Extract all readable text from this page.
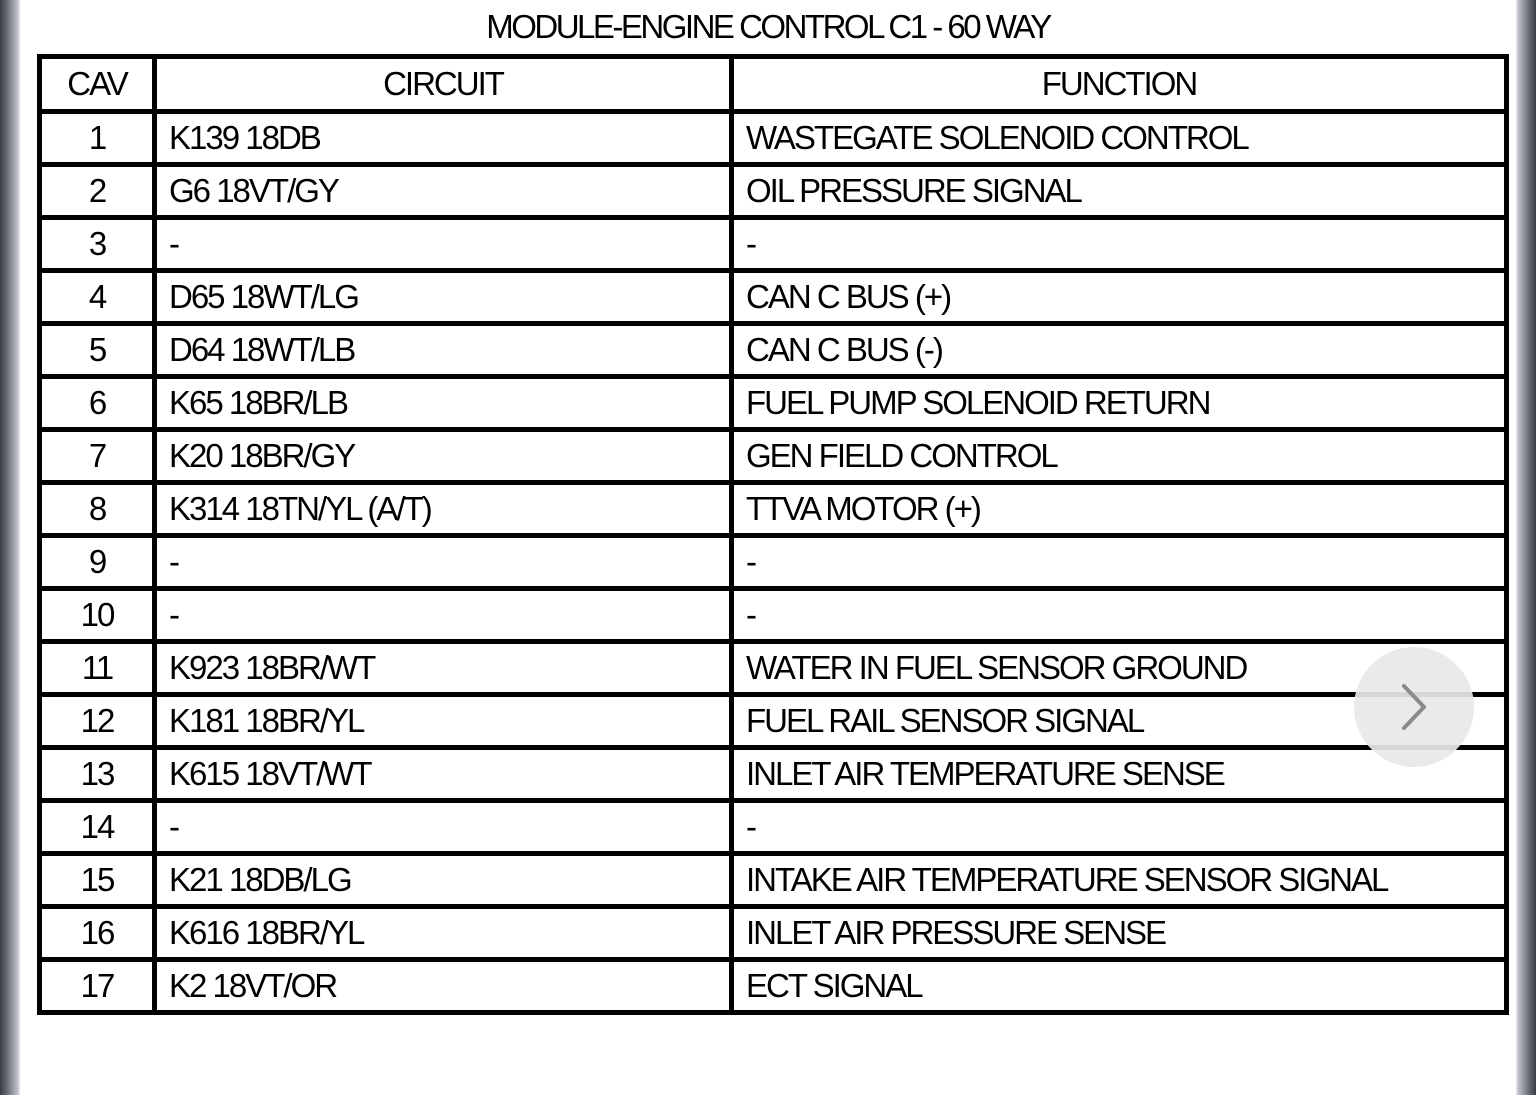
MODULE-ENGINE CONTROL C1 - 60 WAY
CAV	CIRCUIT	FUNCTION
1	K139 18DB	WASTEGATE SOLENOID CONTROL
2	G6 18VT/GY	OIL PRESSURE SIGNAL
3	-	-
4	D65 18WT/LG	CAN C BUS (+)
5	D64 18WT/LB	CAN C BUS (-)
6	K65 18BR/LB	FUEL PUMP SOLENOID RETURN
7	K20 18BR/GY	GEN FIELD CONTROL
8	K314 18TN/YL (A/T)	TTVA MOTOR (+)
9	-	-
10	-	-
11	K923 18BR/WT	WATER IN FUEL SENSOR GROUND
12	K181 18BR/YL	FUEL RAIL SENSOR SIGNAL
13	K615 18VT/WT	INLET AIR TEMPERATURE SENSE
14	-	-
15	K21 18DB/LG	INTAKE AIR TEMPERATURE SENSOR SIGNAL
16	K616 18BR/YL	INLET AIR PRESSURE SENSE
17	K2 18VT/OR	ECT SIGNAL
